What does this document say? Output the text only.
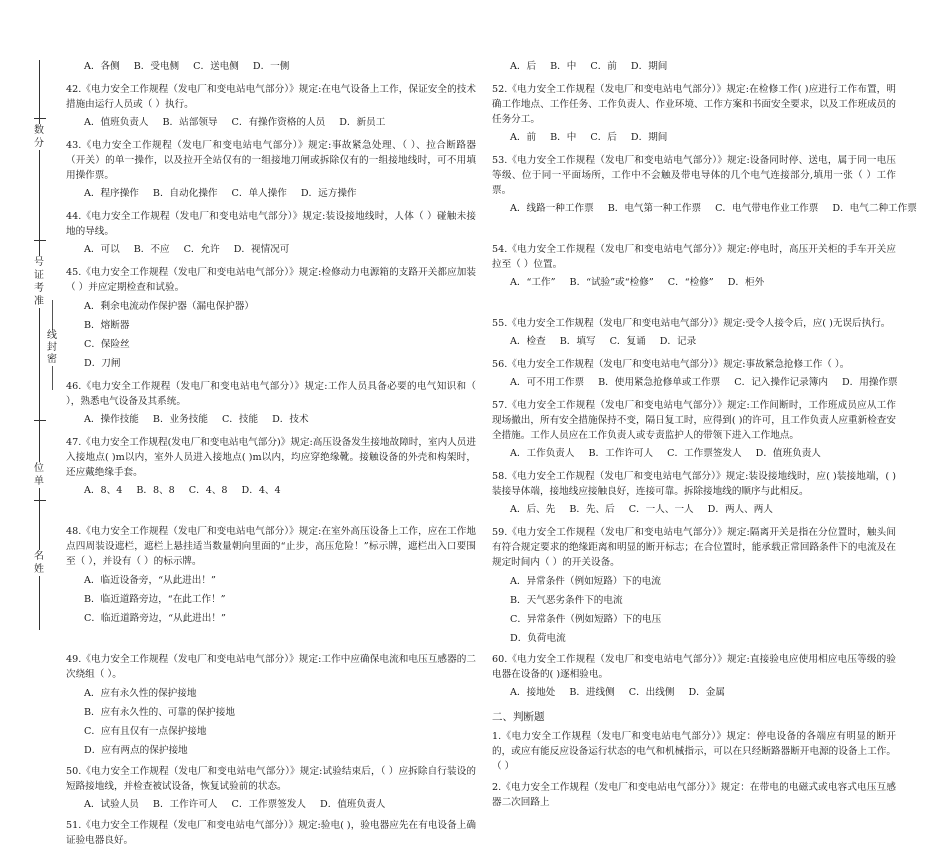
数分
号证考准
位单
名姓
线封密
A．各侧 B．受电侧 C．送电侧 D．一侧

42.《电力安全工作规程（发电厂和变电站电气部分）》规定:在电气设备上工作，保证安全的技术措施由运行人员或（ ）执行。

A．值班负责人 B．站部领导 C．有操作资格的人员 D．新员工

43.《电力安全工作规程（发电厂和变电站电气部分）》规定:事故紧急处理、（ ）、拉合断路器（开关）的单一操作，以及拉开全站仅有的一组接地刀闸或拆除仅有的一组接地线时，可不用填用操作票。

A．程序操作 B．自动化操作 C．单人操作 D．远方操作

44.《电力安全工作规程（发电厂和变电站电气部分）》规定:装设接地线时，人体（ ）碰触未接地的导线。

A．可以 B．不应 C．允许 D．视情况可

45.《电力安全工作规程（发电厂和变电站电气部分）》规定:检修动力电源箱的支路开关都应加装（ ）并应定期检查和试验。

A．剩余电流动作保护器（漏电保护器）
B．熔断器
C．保险丝
D．刀闸

46.《电力安全工作规程（发电厂和变电站电气部分）》规定:工作人员具备必要的电气知识和（ ），熟悉电气设备及其系统。

A．操作技能 B．业务技能 C．技能 D．技术

47.《电力安全工作规程(发电厂和变电站电气部分)》规定:高压设备发生接地故障时，室内人员进入接地点( )m以内，室外人员进入接地点( )m以内，均应穿绝缘靴。接触设备的外壳和构架时，还应戴绝缘手套。

A．8、4 B．8、8 C．4、8 D．4、4

48.《电力安全工作规程（发电厂和变电站电气部分）》规定:在室外高压设备上工作，应在工作地点四周装设遮栏，遮栏上悬挂适当数量朝向里面的“止步，高压危险！”标示牌，遮栏出入口要围至（ ），并设有（ ）的标示牌。

A．临近设备旁，“从此进出！”
B．临近道路旁边，“在此工作！”
C．临近道路旁边，“从此进出！”

49.《电力安全工作规程（发电厂和变电站电气部分）》规定:工作中应确保电流和电压互感器的二次绕组（ ）。

A．应有永久性的保护接地
B．应有永久性的、可靠的保护接地
C．应有且仅有一点保护接地
D．应有两点的保护接地

50.《电力安全工作规程（发电厂和变电站电气部分）》规定:试验结束后，（ ）应拆除自行装设的短路接地线，并检查被试设备，恢复试验前的状态。

A．试验人员 B．工作许可人 C．工作票签发人 D．值班负责人

51.《电力安全工作规程（发电厂和变电站电气部分）》规定:验电( )，验电器应先在有电设备上确证验电器良好。

A．后 B．中 C．前 D．期间

52.《电力安全工作规程（发电厂和变电站电气部分）》规定:在检修工作( )应进行工作布置，明确工作地点、工作任务、工作负责人、作业环境、工作方案和书面安全要求，以及工作班成员的任务分工。

A．前 B．中 C．后 D．期间

53.《电力安全工作规程（发电厂和变电站电气部分）》规定:设备同时停、送电，属于同一电压等级、位于同一平面场所，工作中不会触及带电导体的几个电气连接部分,填用一张（ ）工作票。

A．线路一种工作票 B．电气第一种工作票 C．电气带电作业工作票 D．电气二种工作票

54.《电力安全工作规程（发电厂和变电站电气部分）》规定:停电时，高压开关柜的手车开关应拉至（ ）位置。

A．“工作” B．“试验”或“检修” C．“检修” D．柜外

55.《电力安全工作规程（发电厂和变电站电气部分）》规定:受令人接令后，应( )无误后执行。

A．检查 B．填写 C．复诵 D．记录

56.《电力安全工作规程（发电厂和变电站电气部分）》规定:事故紧急抢修工作（ ）。

A．可不用工作票 B．使用紧急抢修单或工作票 C．记入操作记录簿内 D．用操作票

57.《电力安全工作规程（发电厂和变电站电气部分）》规定:工作间断时，工作班成员应从工作现场撤出，所有安全措施保持不变，隔日复工时，应得到( )的许可，且工作负责人应重新检查安全措施。工作人员应在工作负责人或专责监护人的带领下进入工作地点。

A．工作负责人 B．工作许可人 C．工作票签发人 D．值班负责人

58.《电力安全工作规程（发电厂和变电站电气部分）》规定:装设接地线时，应( )装接地端，( )装接导体端，接地线应接触良好，连接可靠。拆除接地线的顺序与此相反。

A．后、先 B．先、后 C．一人、一人 D．两人、两人

59.《电力安全工作规程（发电厂和变电站电气部分）》规定:隔离开关是指在分位置时，触头间有符合规定要求的绝缘距离和明显的断开标志；在合位置时，能承载正常回路条件下的电流及在规定时间内（ ）的开关设备。

A．异常条件（例如短路）下的电流
B．天气恶劣条件下的电流
C．异常条件（例如短路）下的电压
D．负荷电流

60.《电力安全工作规程（发电厂和变电站电气部分）》规定:直接验电应使用相应电压等级的验电器在设备的( )逐相验电。

A．接地处 B．进线侧 C．出线侧 D．金属
二、判断题

1.《电力安全工作规程（发电厂和变电站电气部分）》规定：停电设备的各端应有明显的断开的，或应有能反应设备运行状态的电气和机械指示，可以在只经断路器断开电源的设备上工作。（ ）

2.《电力安全工作规程（发电厂和变电站电气部分）》规定：在带电的电磁式或电容式电压互感器二次回路上
